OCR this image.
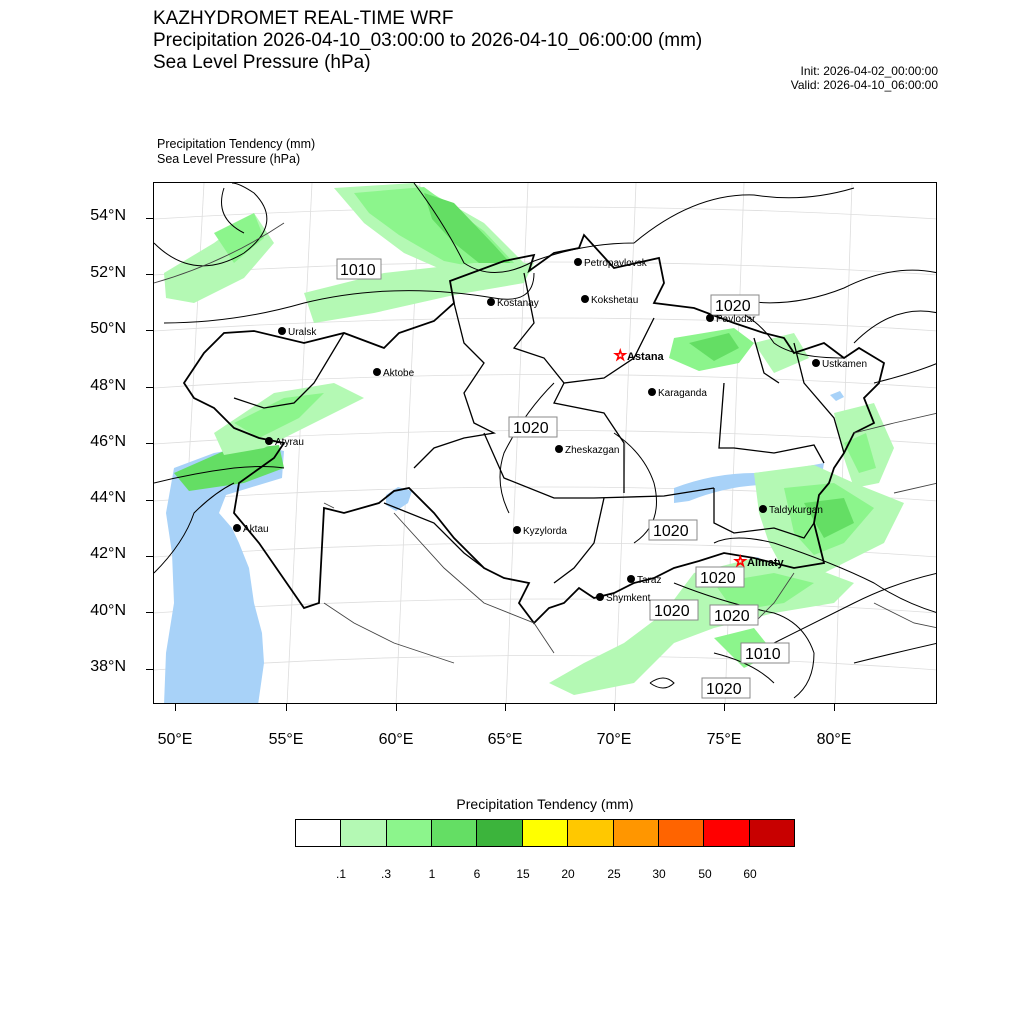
KAZHYDROMET REAL-TIME WRF
Precipitation 2026-04-10_03:00:00 to 2026-04-10_06:00:00 (mm)
Sea Level Pressure (hPa)	Init: 2026-04-02_00:00:00
Valid: 2026-04-10_06:00:00
Precipitation Tendency (mm)
Sea Level Pressure (hPa)
1010
1020
1020
1020
1020
1020 1020
1010
1020
Petropavlovsk
Kostanay	Kokshetau
Pavlodar
Uralsk
☆ Astana
Ustkamen
Aktobe
Karaganda
Atyrau
Zheskazgan
Taldykurgan
Aktau	Kyzylorda
☆ Almaty
Taraz
Shymkent
54°N
52°N
50°N
48°N
46°N
44°N
42°N
40°N
38°N
50°E	55°E	60°E	65°E	70°E	75°E	80°E
Precipitation Tendency (mm)
.1	.3	1	6	15	20	25	30	50	60
